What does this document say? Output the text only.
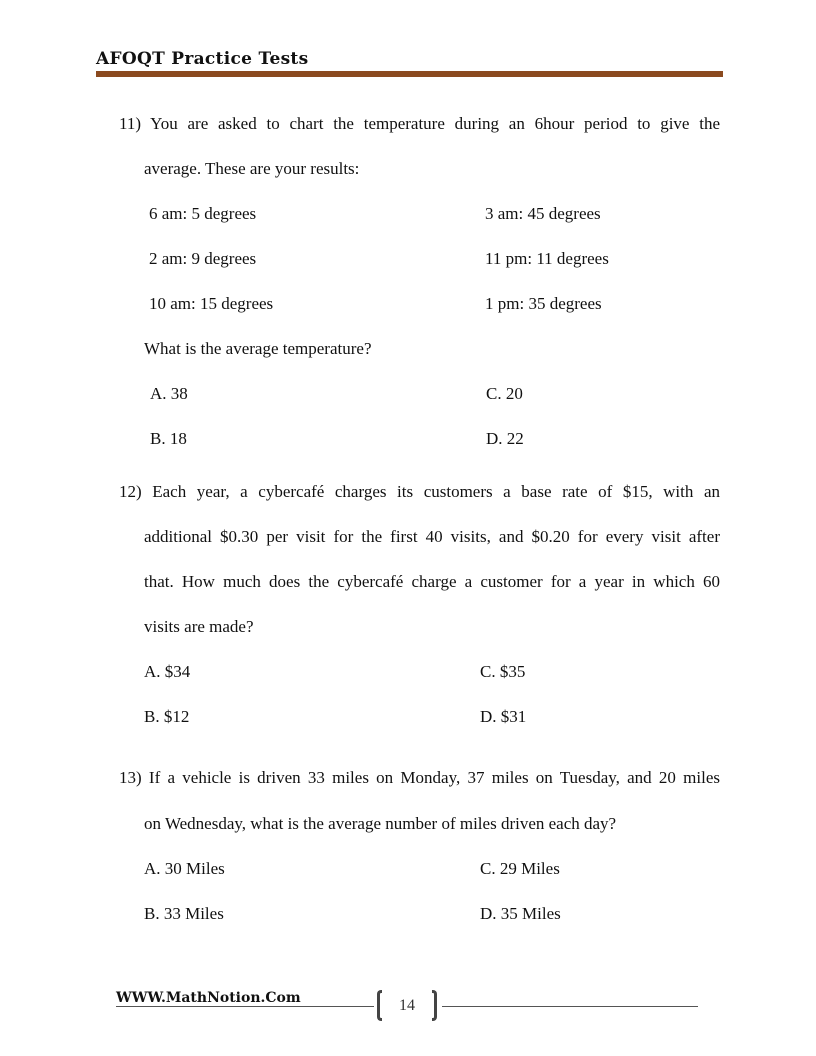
AFOQT Practice Tests
11) You are asked to chart the temperature during an 6hour period to give the
average. These are your results:
6 am: 5 degrees	3 am: 45 degrees
2 am: 9 degrees	11 pm: 11 degrees
10 am: 15 degrees	1 pm: 35 degrees
What is the average temperature?
A. 38	C. 20
B. 18	D. 22
12) Each year, a cybercafé charges its customers a base rate of $15, with an
additional $0.30 per visit for the first 40 visits, and $0.20 for every visit after
that. How much does the cybercafé charge a customer for a year in which 60
visits are made?
A. $34	C. $35
B. $12	D. $31
13) If a vehicle is driven 33 miles on Monday, 37 miles on Tuesday, and 20 miles
on Wednesday, what is the average number of miles driven each day?
A. 30 Miles	C. 29 Miles
B. 33 Miles	D. 35 Miles
WWW.MathNotion.Com	14
